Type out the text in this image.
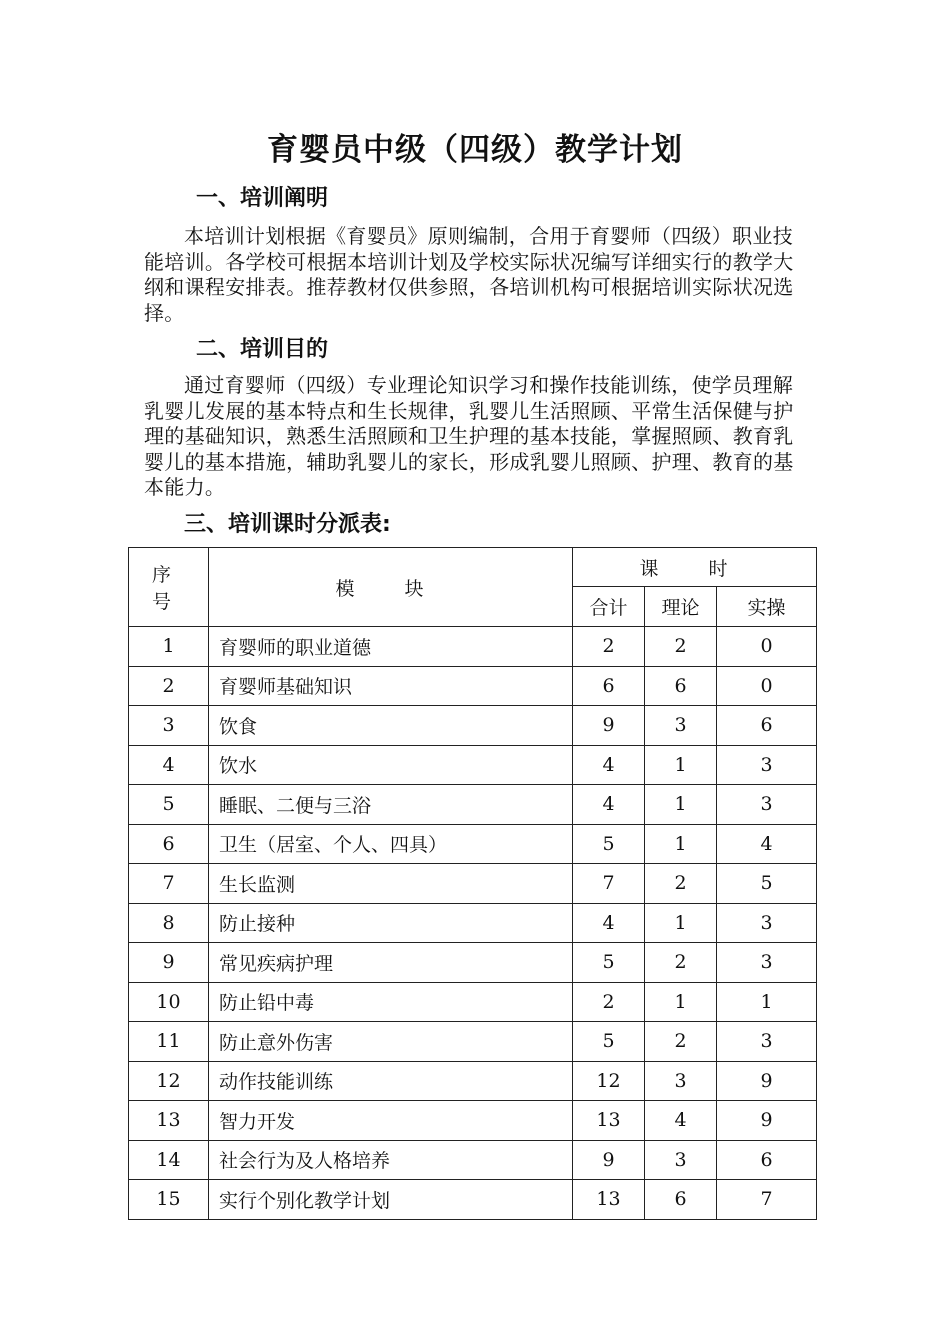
育婴员中级（四级）教学计划
一、培训阐明

本培训计划根据《育婴员》原则编制，合用于育婴师（四级）职业技能培训。各学校可根据本培训计划及学校实际状况编写详细实行的教学大纲和课程安排表。推荐教材仅供参照，各培训机构可根据培训实际状况选择。

二、培训目的

通过育婴师（四级）专业理论知识学习和操作技能训练，使学员理解乳婴儿发展的基本特点和生长规律，乳婴儿生活照顾、平常生活保健与护理的基础知识，熟悉生活照顾和卫生护理的基本技能，掌握照顾、教育乳婴儿的基本措施，辅助乳婴儿的家长，形成乳婴儿照顾、护理、教育的基本能力。

三、培训课时分派表:
序 号	模 块	课 时		
		合计	理论	实操
1	育婴师的职业道德	2	2	0
2	育婴师基础知识	6	6	0
3	饮食	9	3	6
4	饮水	4	1	3
5	睡眠、二便与三浴	4	1	3
6	卫生（居室、个人、四具）	5	1	4
7	生长监测	7	2	5
8	防止接种	4	1	3
9	常见疾病护理	5	2	3
10	防止铅中毒	2	1	1
11	防止意外伤害	5	2	3
12	动作技能训练	12	3	9
13	智力开发	13	4	9
14	社会行为及人格培养	9	3	6
15	实行个别化教学计划	13	6	7
